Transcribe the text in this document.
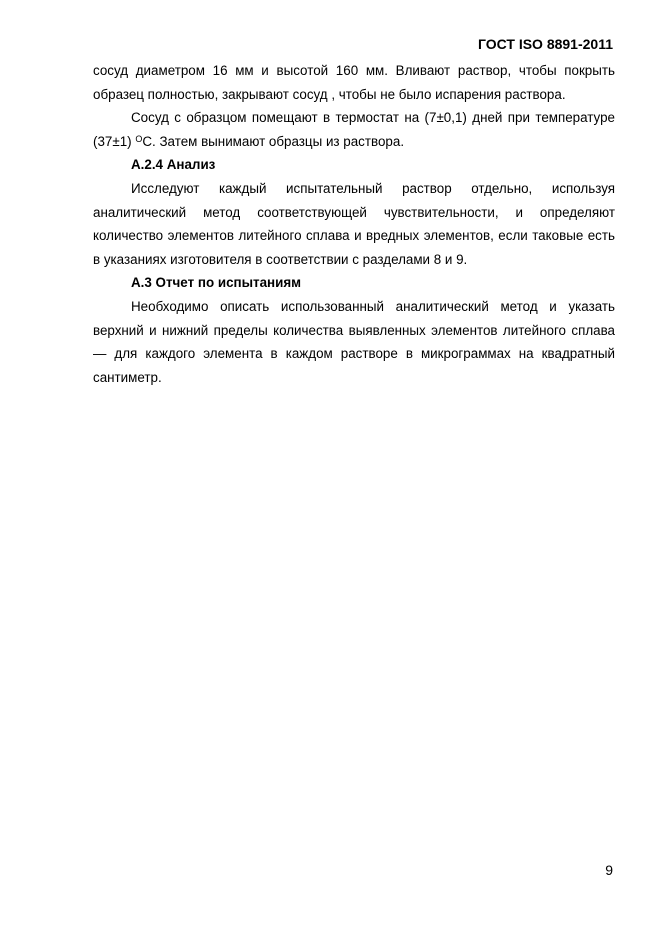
ГОСТ ISO 8891-2011
сосуд диаметром 16 мм и высотой 160 мм. Вливают раствор, чтобы покрыть
образец полностью, закрывают сосуд , чтобы не было испарения раствора.
Сосуд с образцом помещают в термостат на (7±0,1) дней при температуре
(37±1) $^О$С. Затем вынимают образцы из раствора.
А.2.4 Анализ
Исследуют каждый испытательный раствор отдельно, используя
аналитический метод соответствующей чувствительности, и определяют
количество элементов литейного сплава и вредных элементов, если таковые есть
в указаниях изготовителя в соответствии с разделами 8 и 9.
А.3 Отчет по испытаниям
Необходимо описать использованный аналитический метод и указать
верхний и нижний пределы количества выявленных элементов литейного сплава
— для каждого элемента в каждом растворе в микрограммах на квадратный
сантиметр.
9
